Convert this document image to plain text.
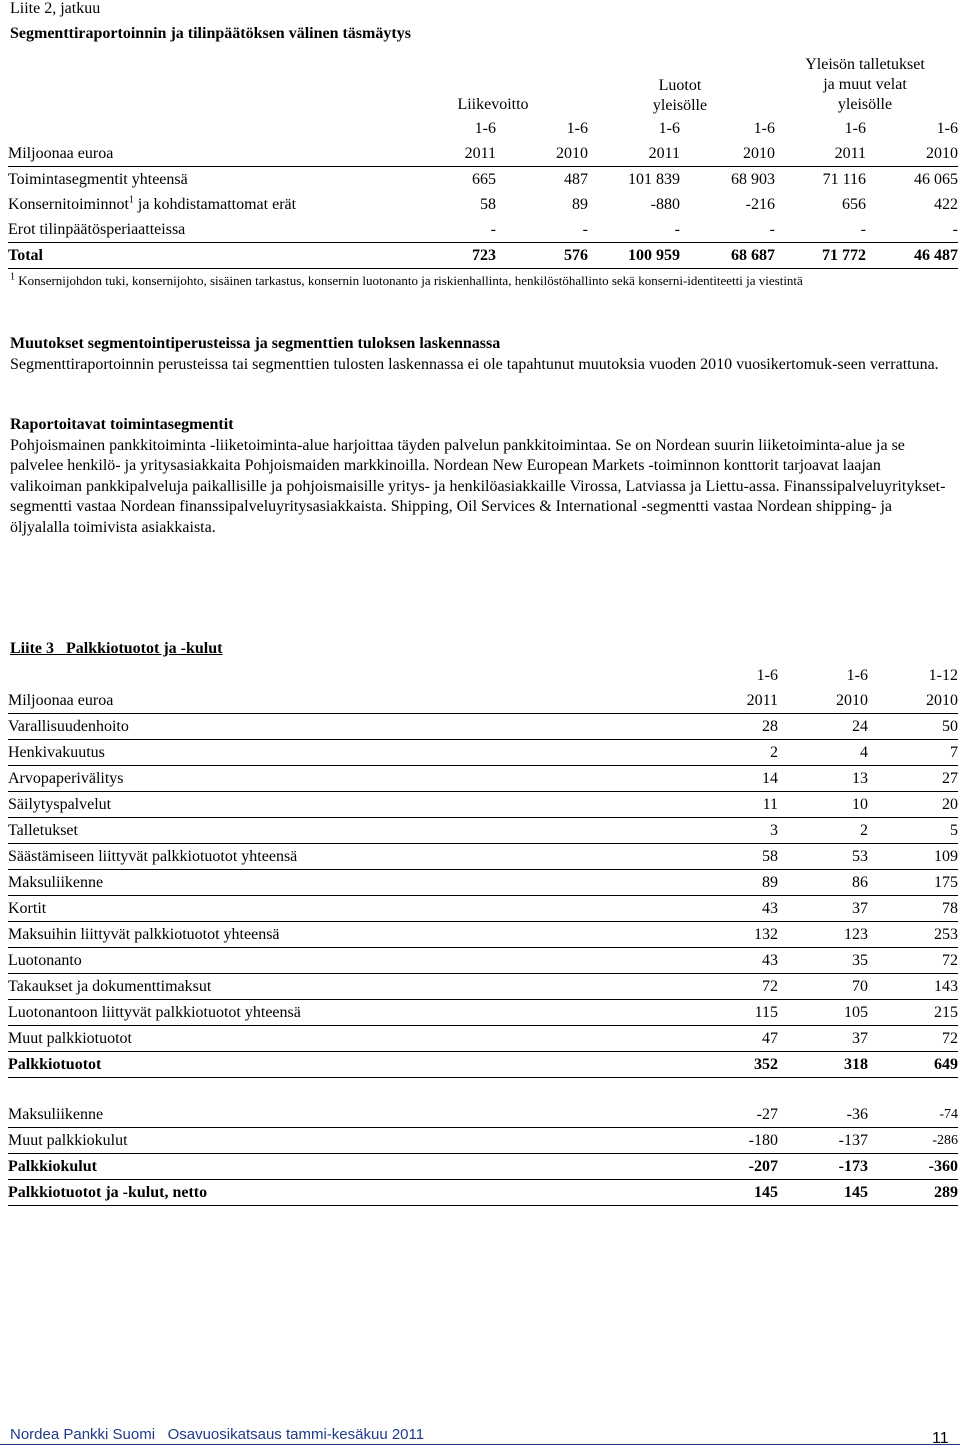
Liite 2, jatkuu
Segmenttiraportoinnin ja tilinpäätöksen välinen täsmäytys
Liikevoitto
Luotot
yleisölle
Yleisön talletukset
ja muut velat
yleisölle
	1-6	1-6	1-6	1-6	1-6	1-6
Miljoonaa euroa	2011	2010	2011	2010	2011	2010
Toimintasegmentit yhteensä	665	487	101 839	68 903	71 116	46 065
Konsernitoiminnot$^1$ ja kohdistamattomat erät	58	89	-880	-216	656	422
Erot tilinpäätösperiaatteissa	-	-	-	-	-	-
Total	723	576	100 959	68 687	71 772	46 487
$^1$ Konsernijohdon tuki, konsernijohto, sisäinen tarkastus, konsernin luotonanto ja riskienhallinta, henkilöstöhallinto sekä konserni-identiteetti ja viestintä
Muutokset segmentointiperusteissa ja segmenttien tuloksen laskennassa
Segmenttiraportoinnin perusteissa tai segmenttien tulosten laskennassa ei ole tapahtunut muutoksia vuoden 2010 vuosikertomuk-seen verrattuna.
Raportoitavat toimintasegmentit
Pohjoismainen pankkitoiminta -liiketoiminta-alue harjoittaa täyden palvelun pankkitoimintaa. Se on Nordean suurin liiketoiminta-alue ja se palvelee henkilö- ja yritysasiakkaita Pohjoismaiden markkinoilla. Nordean New European Markets -toiminnon konttorit tarjoavat laajan valikoiman pankkipalveluja paikallisille ja pohjoismaisille yritys- ja henkilöasiakkaille Virossa, Latviassa ja Liettu-assa. Finanssipalveluyritykset-segmentti vastaa Nordean finanssipalveluyritysasiakkaista. Shipping, Oil Services & International -segmentti vastaa Nordean shipping- ja öljyalalla toimivista asiakkaista.
Liite 3   Palkkiotuotot ja -kulut
	1-6	1-6	1-12
Miljoonaa euroa	2011	2010	2010
Varallisuudenhoito	28	24	50
Henkivakuutus	2	4	7
Arvopaperivälitys	14	13	27
Säilytyspalvelut	11	10	20
Talletukset	3	2	5
Säästämiseen liittyvät palkkiotuotot yhteensä	58	53	109
Maksuliikenne	89	86	175
Kortit	43	37	78
Maksuihin liittyvät palkkiotuotot yhteensä	132	123	253
Luotonanto	43	35	72
Takaukset ja dokumenttimaksut	72	70	143
Luotonantoon liittyvät palkkiotuotot yhteensä	115	105	215
Muut palkkiotuotot	47	37	72
Palkkiotuotot	352	318	649

Maksuliikenne	-27	-36	-74
Muut palkkiokulut	-180	-137	-286
Palkkiokulut	-207	-173	-360
Palkkiotuotot ja -kulut, netto	145	145	289
Nordea Pankki Suomi   Osavuosikatsaus tammi-kesäkuu 2011	11
